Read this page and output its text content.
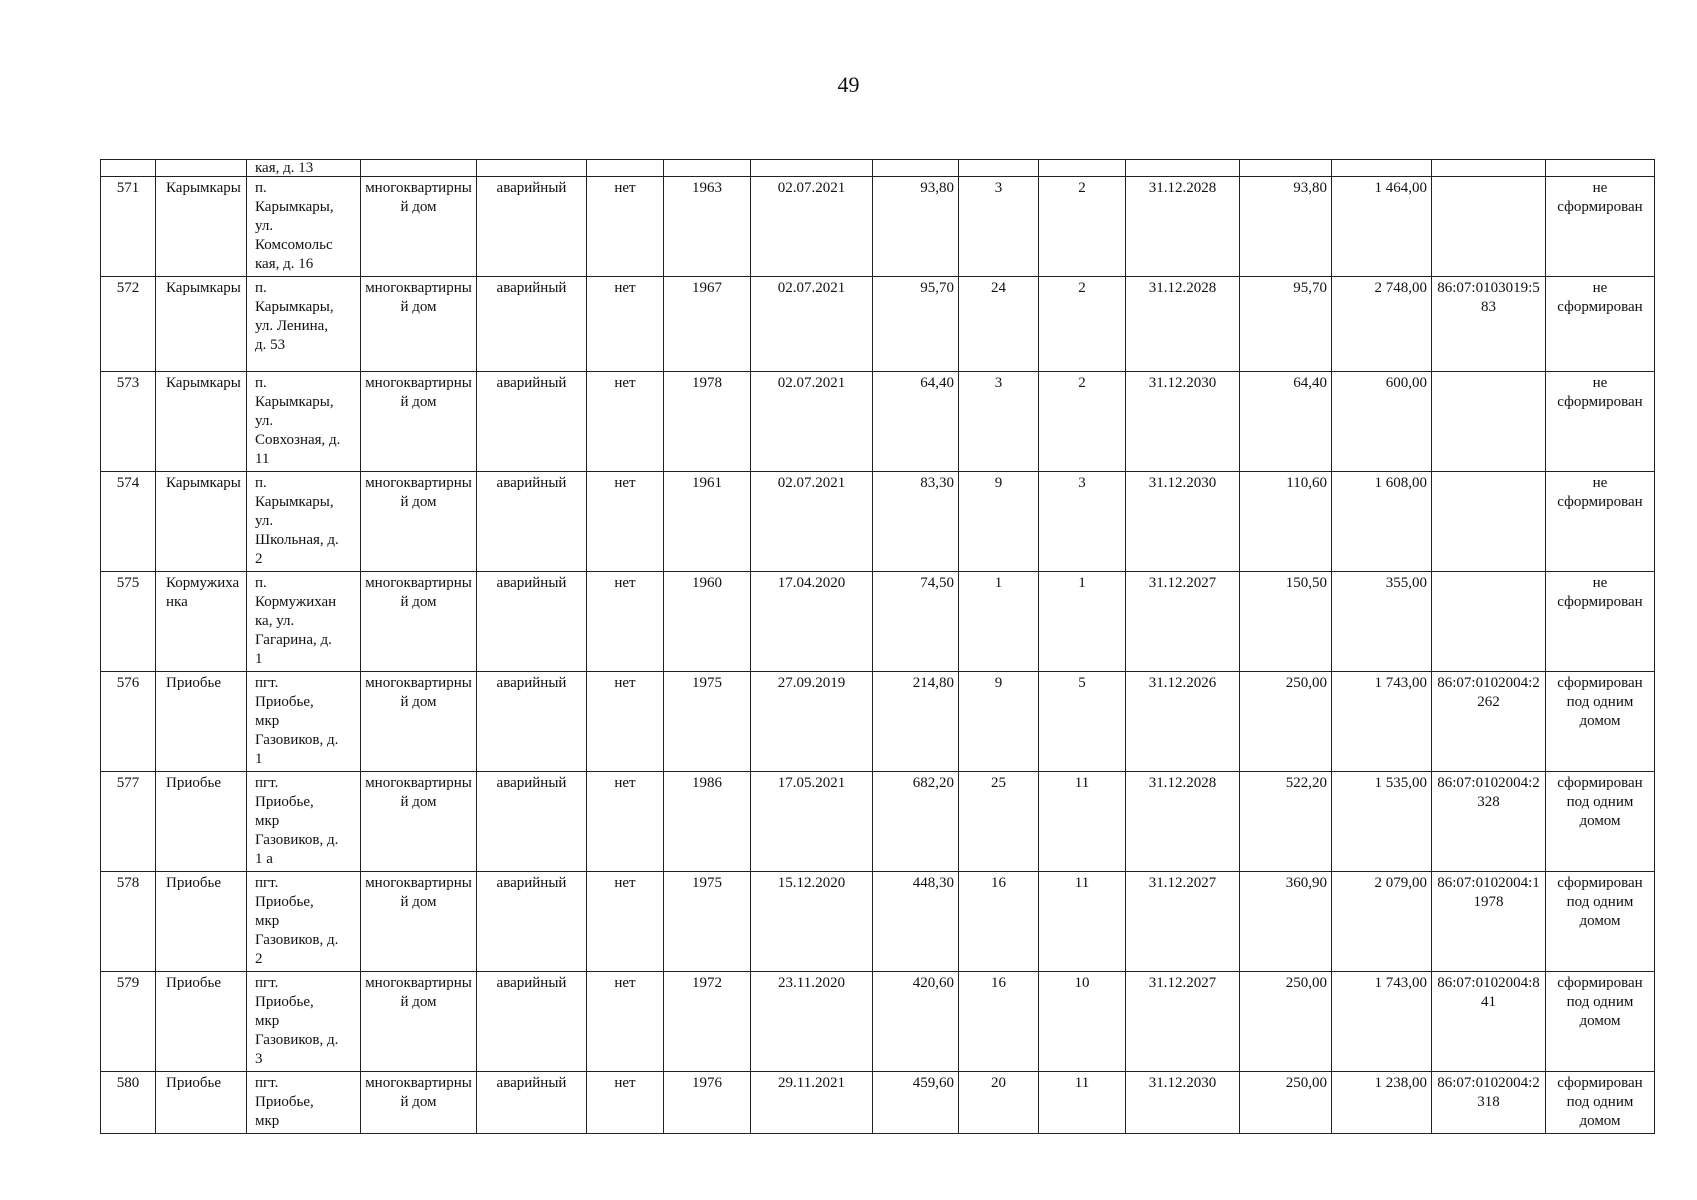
49
		кая, д. 13													
571	Карымкары	п.
Карымкары,
ул.
Комсомольс
кая, д. 16	многоквартирный дом	аварийный	нет	1963	02.07.2021	93,80	3	2	31.12.2028	93,80	1 464,00		не сформирован
572	Карымкары	п.
Карымкары,
ул. Ленина,
д. 53	многоквартирный дом	аварийный	нет	1967	02.07.2021	95,70	24	2	31.12.2028	95,70	2 748,00	86:07:0103019:583	не сформирован
573	Карымкары	п.
Карымкары,
ул.
Совхозная, д.
11	многоквартирный дом	аварийный	нет	1978	02.07.2021	64,40	3	2	31.12.2030	64,40	600,00		не сформирован
574	Карымкары	п.
Карымкары,
ул.
Школьная, д.
2	многоквартирный дом	аварийный	нет	1961	02.07.2021	83,30	9	3	31.12.2030	110,60	1 608,00		не сформирован
575	Кормужиханка	п.
Кормужихан
ка, ул.
Гагарина, д.
1	многоквартирный дом	аварийный	нет	1960	17.04.2020	74,50	1	1	31.12.2027	150,50	355,00		не сформирован
576	Приобье	пгт.
Приобье,
мкр
Газовиков, д.
1	многоквартирный дом	аварийный	нет	1975	27.09.2019	214,80	9	5	31.12.2026	250,00	1 743,00	86:07:0102004:2262	сформирован под одним домом
577	Приобье	пгт.
Приобье,
мкр
Газовиков, д.
1 а	многоквартирный дом	аварийный	нет	1986	17.05.2021	682,20	25	11	31.12.2028	522,20	1 535,00	86:07:0102004:2328	сформирован под одним домом
578	Приобье	пгт.
Приобье,
мкр
Газовиков, д.
2	многоквартирный дом	аварийный	нет	1975	15.12.2020	448,30	16	11	31.12.2027	360,90	2 079,00	86:07:0102004:11978	сформирован под одним домом
579	Приобье	пгт.
Приобье,
мкр
Газовиков, д.
3	многоквартирный дом	аварийный	нет	1972	23.11.2020	420,60	16	10	31.12.2027	250,00	1 743,00	86:07:0102004:841	сформирован под одним домом
580	Приобье	пгт.
Приобье,
мкр	многоквартирный дом	аварийный	нет	1976	29.11.2021	459,60	20	11	31.12.2030	250,00	1 238,00	86:07:0102004:2318	сформирован под одним домом
